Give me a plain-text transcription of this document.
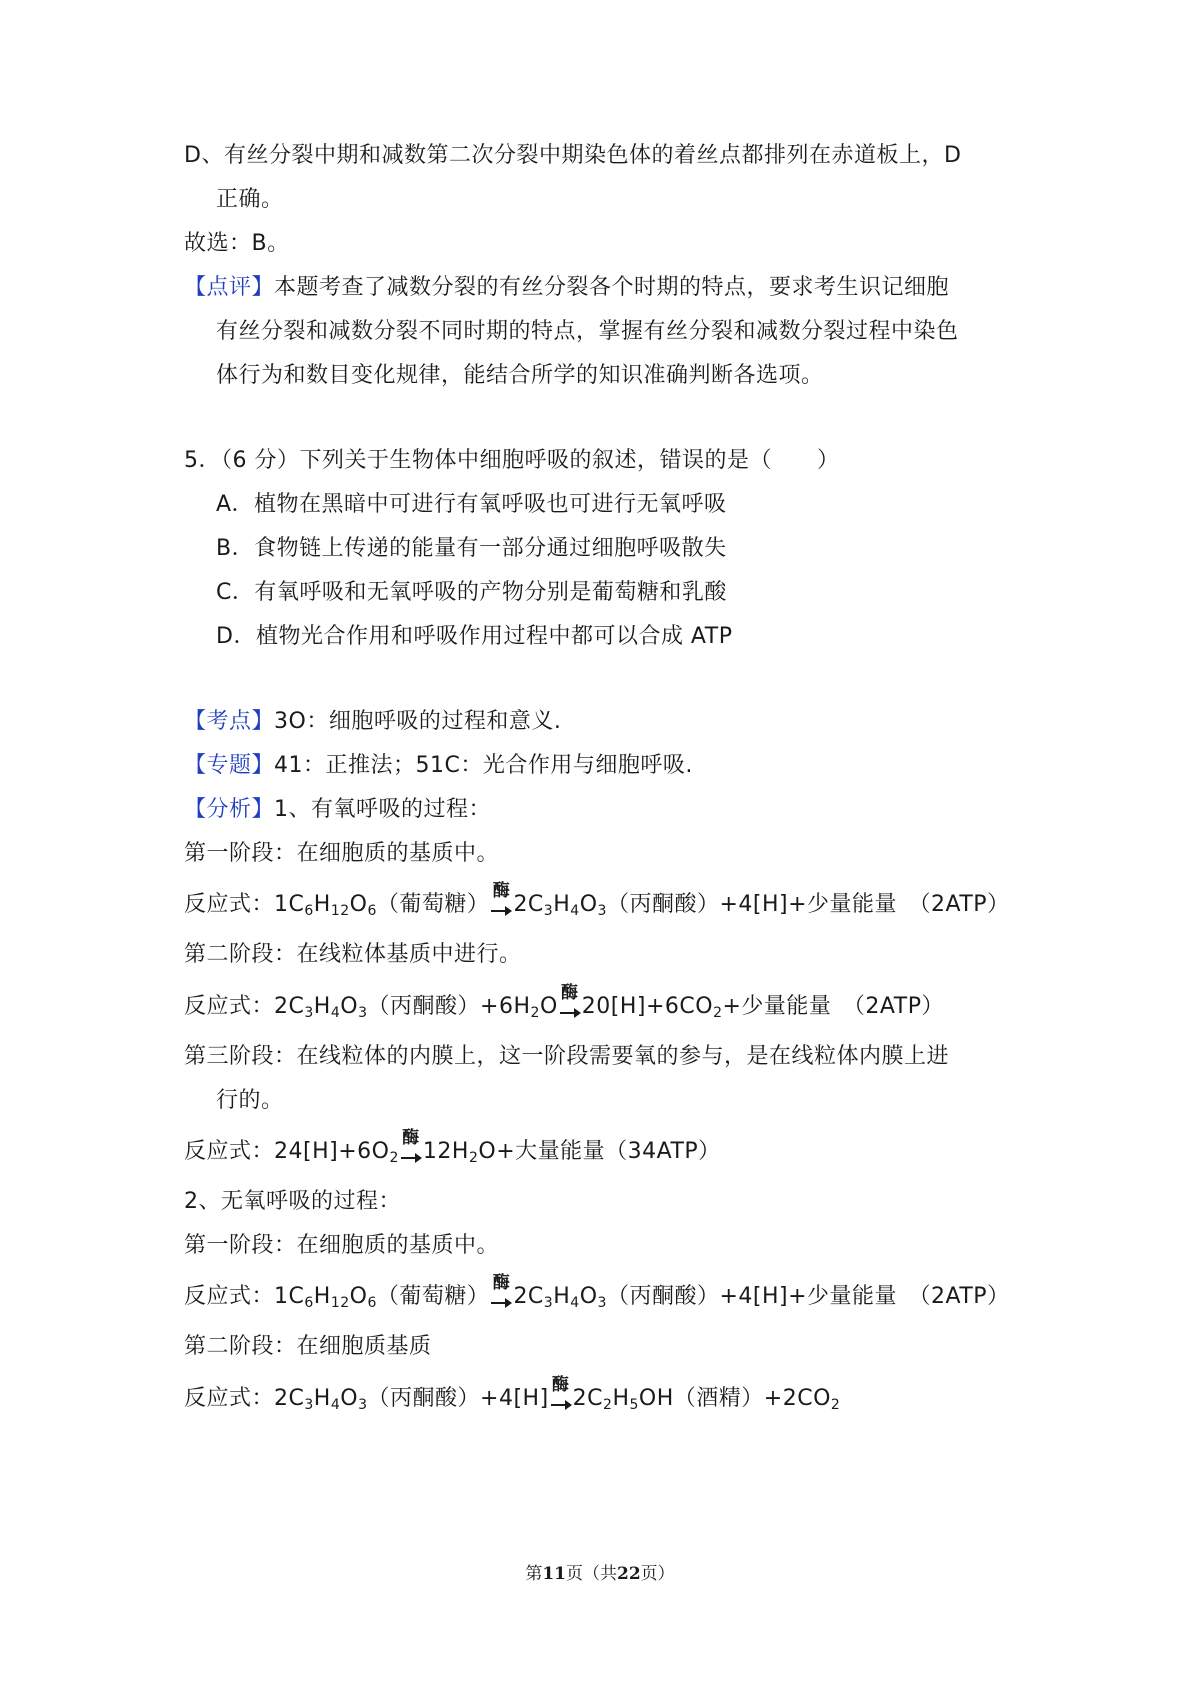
D、有丝分裂中期和减数第二次分裂中期染色体的着丝点都排列在赤道板上，D
正确。
故选：B。
【点评】本题考查了减数分裂的有丝分裂各个时期的特点，要求考生识记细胞
有丝分裂和减数分裂不同时期的特点，掌握有丝分裂和减数分裂过程中染色
体行为和数目变化规律，能结合所学的知识准确判断各选项。
5．（6 分）下列关于生物体中细胞呼吸的叙述，错误的是（　　）
A．植物在黑暗中可进行有氧呼吸也可进行无氧呼吸
B．食物链上传递的能量有一部分通过细胞呼吸散失
C．有氧呼吸和无氧呼吸的产物分别是葡萄糖和乳酸
D．植物光合作用和呼吸作用过程中都可以合成 ATP
【考点】3O：细胞呼吸的过程和意义.
【专题】41：正推法；51C：光合作用与细胞呼吸.
【分析】1、有氧呼吸的过程：
第一阶段：在细胞质的基质中。
反应式：$1C_6H_{12}O_6$（葡萄糖）
酶
$2C_3H_4O_3$（丙酮酸）+4[H]+少量能量　（2ATP）
第二阶段：在线粒体基质中进行。
反应式：$2C_3H_4O_3$（丙酮酸）$+6H_2O$
酶
$20[H]+6CO_2+$少量能量　（2ATP）
第三阶段：在线粒体的内膜上，这一阶段需要氧的参与，是在线粒体内膜上进
行的。
反应式：$24[H]+6O_2$
酶
$12H_2O+$大量能量（34ATP）
2、无氧呼吸的过程：
第一阶段：在细胞质的基质中。
反应式：$1C_6H_{12}O_6$（葡萄糖）
酶
$2C_3H_4O_3$（丙酮酸）+4[H]+少量能量　（2ATP）
第二阶段：在细胞质基质
反应式：$2C_3H_4O_3$（丙酮酸）+4[H]
酶
$2C_2H_5OH$（酒精）$+2CO_2$
第11页（共22页）
